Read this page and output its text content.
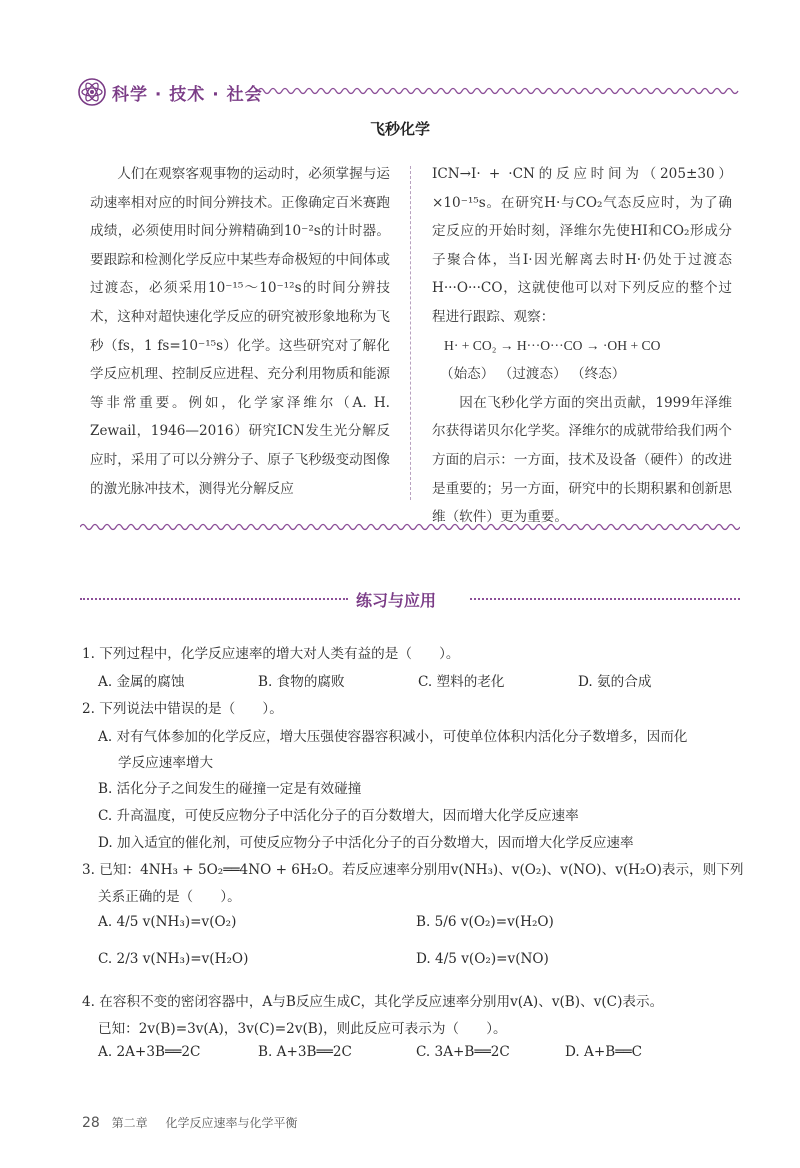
科学 · 技术 · 社会
飞秒化学

人们在观察客观事物的运动时，必须掌握与运动速率相对应的时间分辨技术。正像确定百米赛跑成绩，必须使用时间分辨精确到10⁻²s的计时器。要跟踪和检测化学反应中某些寿命极短的中间体或过渡态，必须采用10⁻¹⁵～10⁻¹²s的时间分辨技术，这种对超快速化学反应的研究被形象地称为飞秒（fs，1 fs=10⁻¹⁵s）化学。这些研究对了解化学反应机理、控制反应进程、充分利用物质和能源等非常重要。例如，化学家泽维尔（A. H. Zewail，1946—2016）研究ICN发生光分解反应时，采用了可以分辨分子、原子飞秒级变动图像的激光脉冲技术，测得光分解反应

ICN→I· + ·CN的反应时间为（205±30）×10⁻¹⁵s。在研究H·与CO₂气态反应时，为了确定反应的开始时刻，泽维尔先使HI和CO₂形成分子聚合体，当I·因光解离去时H·仍处于过渡态H···O···CO，这就使他可以对下列反应的整个过程进行跟踪、观察：

H· + CO₂ → H···O···CO → ·OH + CO
（始态） （过渡态） （终态）

因在飞秒化学方面的突出贡献，1999年泽维尔获得诺贝尔化学奖。泽维尔的成就带给我们两个方面的启示：一方面，技术及设备（硬件）的改进是重要的；另一方面，研究中的长期积累和创新思维（软件）更为重要。

练习与应用
1. 下列过程中，化学反应速率的增大对人类有益的是（　　）。
A. 金属的腐蚀	B. 食物的腐败	C. 塑料的老化	D. 氨的合成
2. 下列说法中错误的是（　　）。
A. 对有气体参加的化学反应，增大压强使容器容积减小，可使单位体积内活化分子数增多，因而化
学反应速率增大
B. 活化分子之间发生的碰撞一定是有效碰撞
C. 升高温度，可使反应物分子中活化分子的百分数增大，因而增大化学反应速率
D. 加入适宜的催化剂，可使反应物分子中活化分子的百分数增大，因而增大化学反应速率
3. 已知：4NH₃ + 5O₂══4NO + 6H₂O。若反应速率分别用v(NH₃)、v(O₂)、v(NO)、v(H₂O)表示，则下列
关系正确的是（　　）。
A. 4/5 v(NH₃)=v(O₂)	B. 5/6 v(O₂)=v(H₂O)
C. 2/3 v(NH₃)=v(H₂O)	D. 4/5 v(O₂)=v(NO)
4. 在容积不变的密闭容器中，A与B反应生成C，其化学反应速率分别用v(A)、v(B)、v(C)表示。
已知：2v(B)=3v(A)，3v(C)=2v(B)，则此反应可表示为（　　）。
A. 2A+3B══2C	B. A+3B══2C	C. 3A+B══2C	D. A+B══C
28 第二章 化学反应速率与化学平衡
